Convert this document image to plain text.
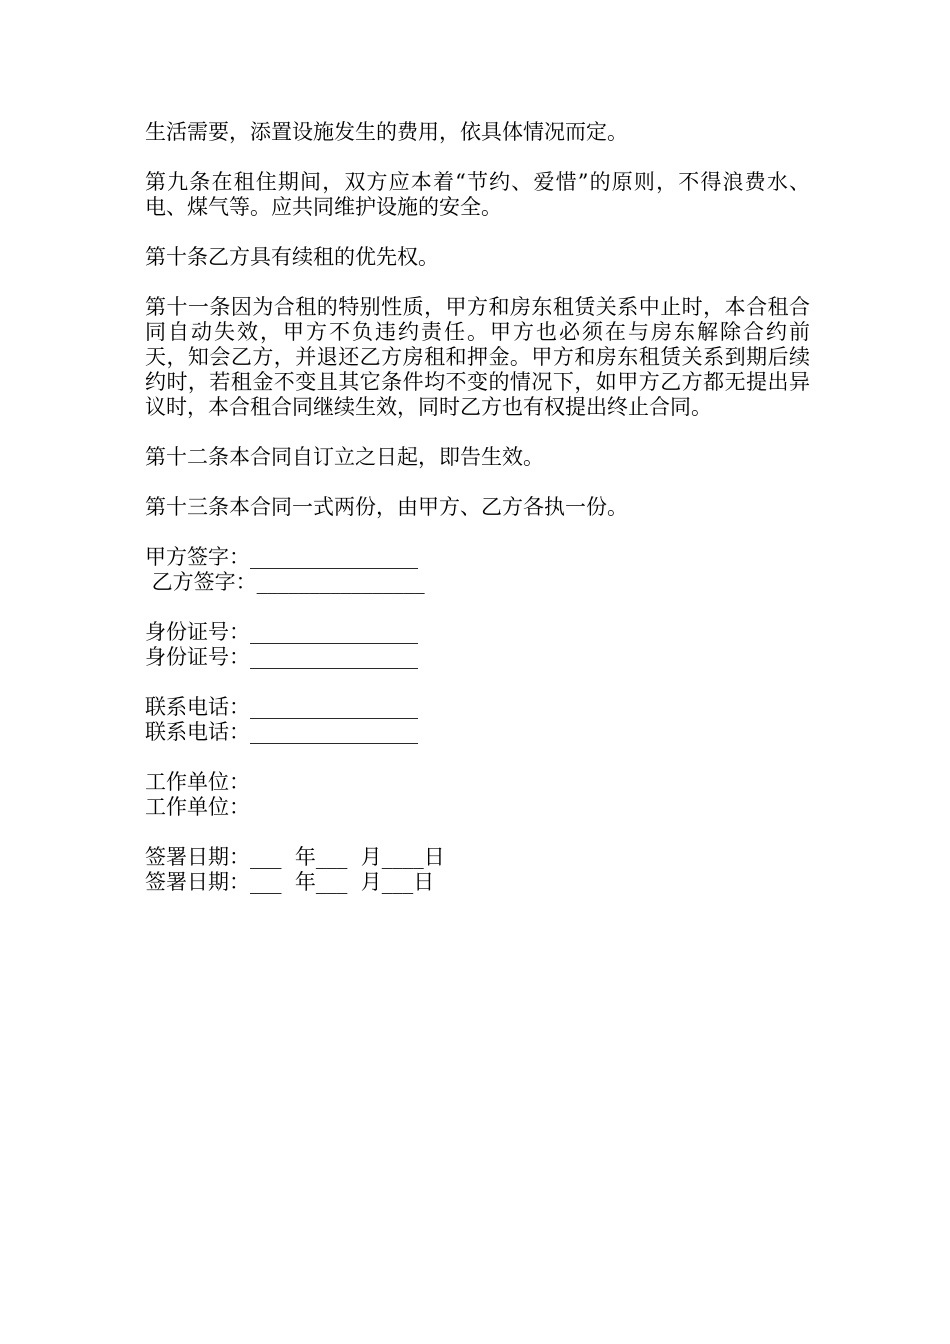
生活需要，添置设施发生的费用，依具体情况而定。

第九条在租住期间，双方应本着“节约、爱惜”的原则，不得浪费水、电、煤气等。应共同维护设施的安全。

第十条乙方具有续租的优先权。

第十一条因为合租的特别性质，甲方和房东租赁关系中止时，本合租合同自动失效，甲方不负违约责任。甲方也必须在与房东解除合约前　天，知会乙方，并退还乙方房租和押金。甲方和房东租赁关系到期后续约时，若租金不变且其它条件均不变的情况下，如甲方乙方都无提出异议时，本合租合同继续生效，同时乙方也有权提出终止合同。

第十二条本合同自订立之日起，即告生效。

第十三条本合同一式两份，由甲方、乙方各执一份。

甲方签字：________________
乙方签字：________________
身份证号：________________
身份证号：________________
联系电话：________________
联系电话：________________
工作单位：
工作单位：
签署日期：___  年___  月____日
签署日期：___  年___  月___日
